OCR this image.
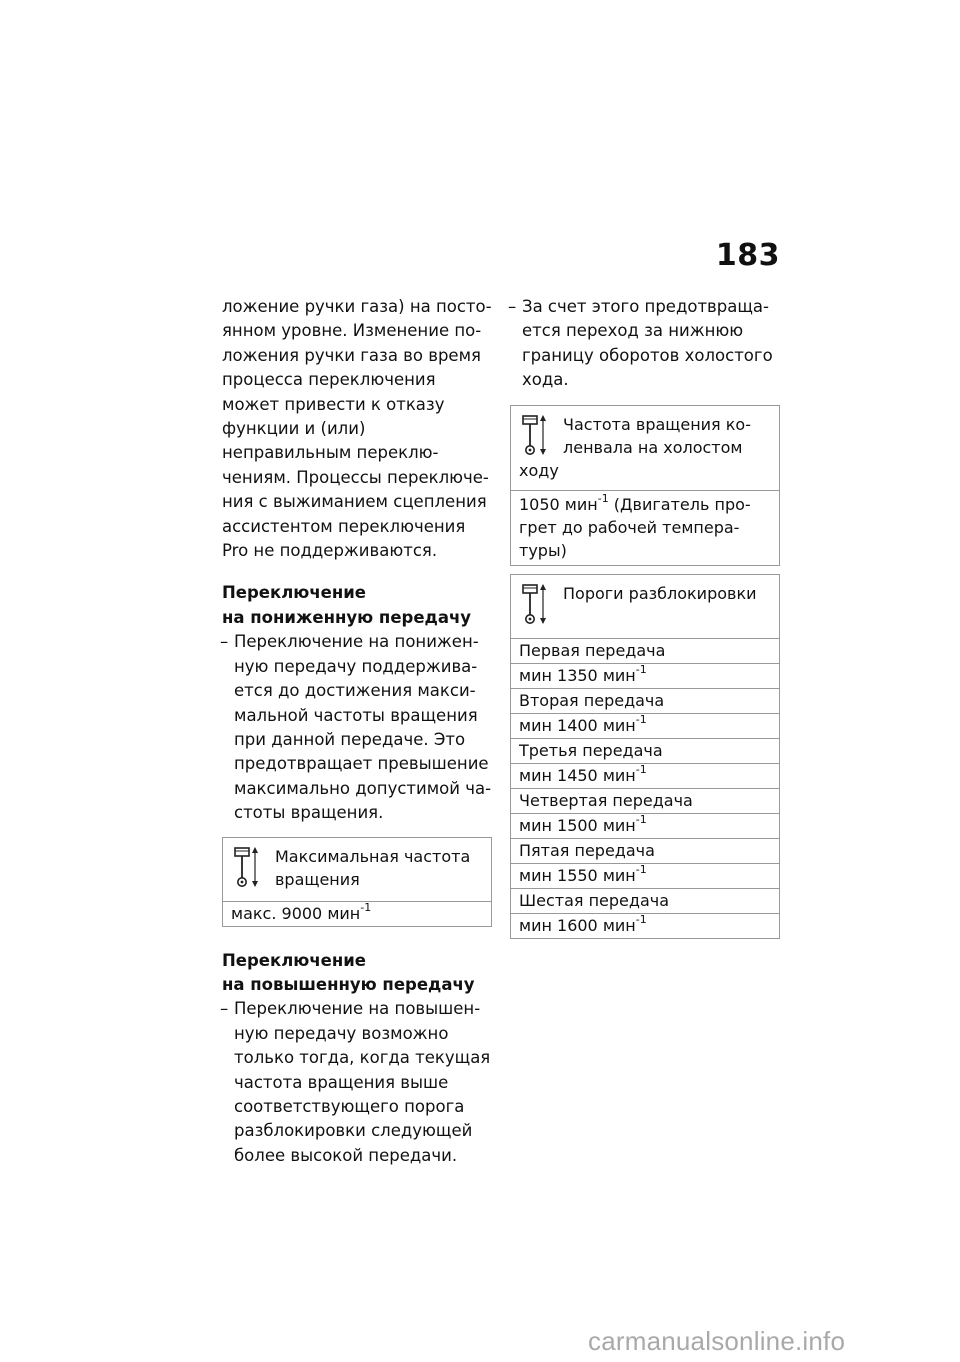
183

ложение ручки газа) на посто-янном уровне. Изменение по-ложения ручки газа во время процесса переключения может привести к отказу функции и (или) неправильным переклю-чениям. Процессы переключе-ния с выжиманием сцепления ассистентом переключения Pro не поддерживаются.

Переключение
на пониженную передачу
– Переключение на понижен-ную передачу поддержива-ется до достижения макси-мальной частоты вращения при данной передаче. Это предотвращает превышение максимально допустимой ча-стоты вращения.
Максимальная частота вращения
макс. 9000 мин$^{-1}$
Переключение
на повышенную передачу
– Переключение на повышен-ную передачу возможно только тогда, когда текущая частота вращения выше соответствующего порога разблокировки следующей более высокой передачи.
– За счет этого предотвраща-ется переход за нижнюю границу оборотов холостого хода.
Частота вращения ко-ленвала на холостом ходу
1050 мин$^{-1}$ (Двигатель про-грет до рабочей темпера-туры)
Пороги разблокировки
Первая передача
мин 1350 мин$^{-1}$
Вторая передача
мин 1400 мин$^{-1}$
Третья передача
мин 1450 мин$^{-1}$
Четвертая передача
мин 1500 мин$^{-1}$
Пятая передача
мин 1550 мин$^{-1}$
Шестая передача
мин 1600 мин$^{-1}$
carmanualsonline.info
